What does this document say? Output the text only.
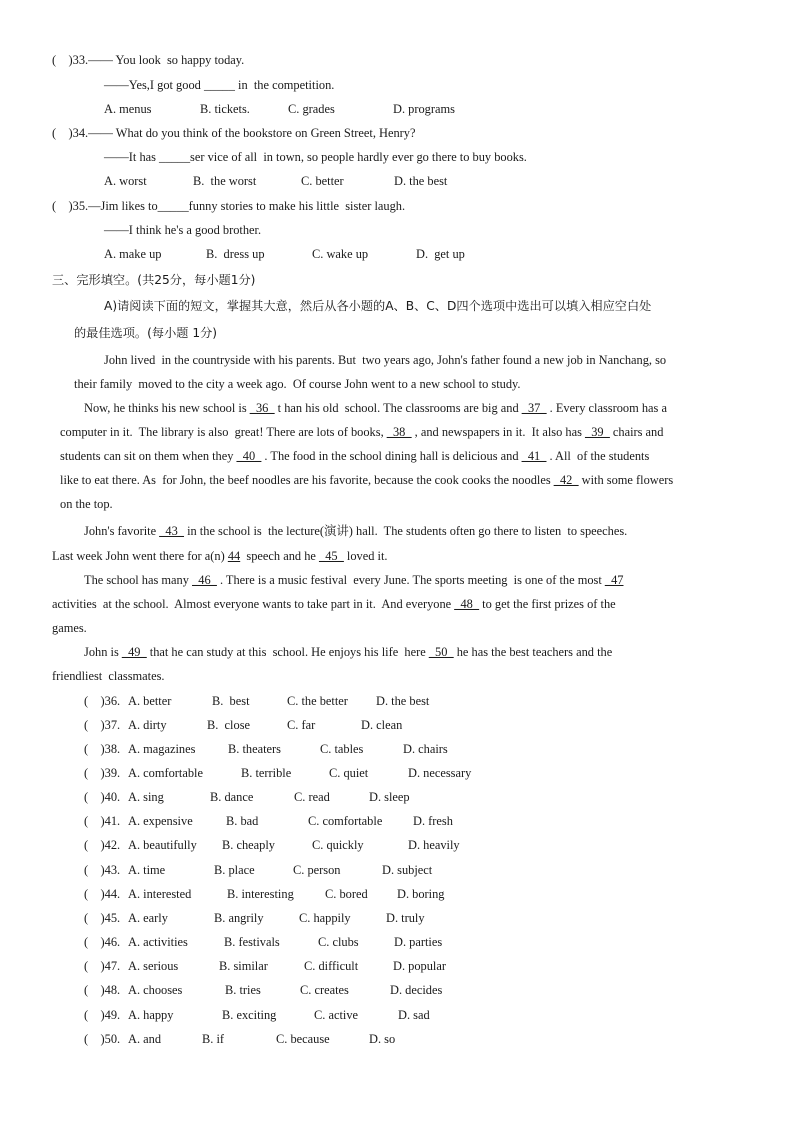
(    )33.—— You look  so happy today.
——Yes,I got good _____ in  the competition.
A. menus	B. tickets.	C. grades	D. programs
(    )34.—— What do you think of the bookstore on Green Street, Henry?
——It has _____ser vice of all  in town, so people hardly ever go there to buy books.
A. worst	B.  the worst	C. better	D. the best
(    )35.—Jim likes to_____funny stories to make his little  sister laugh.
——I think he's a good brother.
A. make up	B.  dress up	C. wake up	D.  get up
三、完形填空。(共25分，每小题1分)
A)请阅读下面的短文，掌握其大意，然后从各小题的A、B、C、D四个选项中选出可以填入相应空白处
的最佳选项。(每小题 1分)
John lived  in the countryside with his parents. But  two years ago, John's father found a new job in Nanchang, so
their family  moved to the city a week ago.  Of course John went to a new school to study.
Now, he thinks his new school is _36_ t han his old  school. The classrooms are big and _37_ . Every classroom has a
computer in it.  The library is also  great! There are lots of books, _38_ , and newspapers in it.  It also has _39_ chairs and
students can sit on them when they _40_ . The food in the school dining hall is delicious and _41_ . All  of the students
like to eat there. As  for John, the beef noodles are his favorite, because the cook cooks the noodles _42_ with some flowers
on the top.
John's favorite _43_ in the school is  the lecture(演讲) hall.  The students often go there to listen  to speeches.
Last week John went there for a(n) 44  speech and he _45_ loved it.
The school has many _46_ . There is a music festival  every June. The sports meeting  is one of the most _47
activities  at the school.  Almost everyone wants to take part in it.  And everyone _48_ to get the first prizes of the
games.
John is _49_ that he can study at this  school. He enjoys his life  here _50_ he has the best teachers and the
friendliest  classmates.
(    )36. A. better	B.  best	C. the better D. the best
(    )37. A. dirty	B.  close	C. far	D. clean
(    )38. A. magazines	B. theaters	C. tables	D. chairs
(    )39. A. comfortable	B. terrible	C. quiet	D. necessary
(    )40. A. sing	B. dance	C. read	D. sleep
(    )41. A. expensive	B. bad	C. comfortable D. fresh
(    )42. A. beautifully B. cheaply	C. quickly	D. heavily
(    )43. A. time	B. place	C. person	D. subject
(    )44. A. interested	B. interesting	C. bored D. boring
(    )45. A. early	B. angrily	C. happily	D. truly
(    )46. A. activities	B. festivals	C. clubs	D. parties
(    )47. A. serious	B. similar	C. difficult	D. popular
(    )48. A. chooses	B. tries	C. creates	D. decides
(    )49. A. happy	B. exciting	C. active	D. sad
(    )50. A. and	B. if	C. because	D. so
